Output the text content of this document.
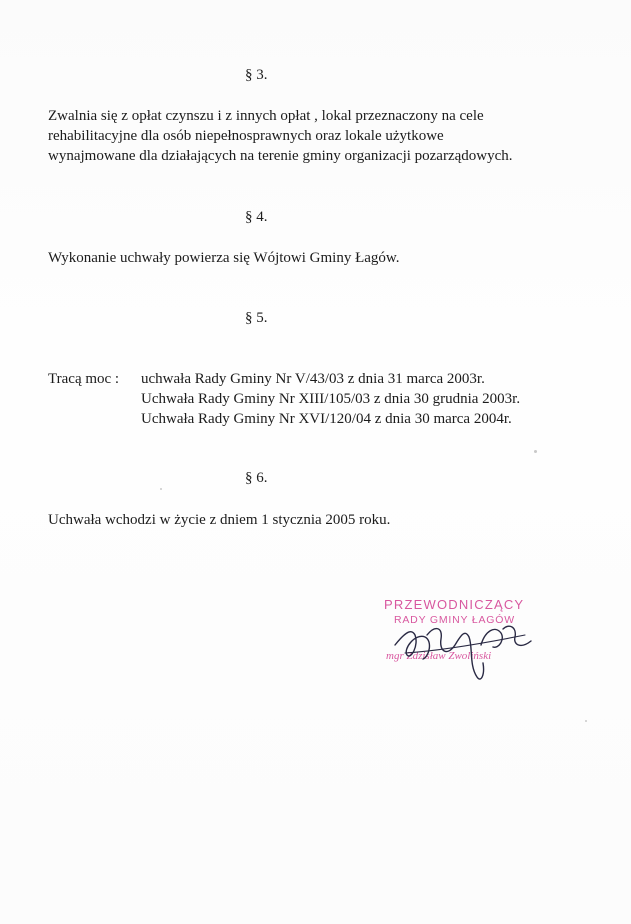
§ 3.
Zwalnia się z opłat czynszu i z innych opłat , lokal przeznaczony na cele
rehabilitacyjne dla osób niepełnosprawnych oraz lokale użytkowe
wynajmowane dla działających na terenie gminy organizacji pozarządowych.
§ 4.
Wykonanie uchwały powierza się Wójtowi Gminy Łagów.
§ 5.
Tracą moc : uchwała Rady Gminy Nr V/43/03 z dnia 31 marca 2003r.
Uchwała Rady Gminy Nr XIII/105/03 z dnia 30 grudnia 2003r.
Uchwała Rady Gminy Nr XVI/120/04 z dnia 30 marca 2004r.
§ 6.
Uchwała wchodzi w życie z dniem 1 stycznia 2005 roku.
PRZEWODNICZĄCY
RADY GMINY ŁAGÓW
mgr Zdzisław Zwoliński
